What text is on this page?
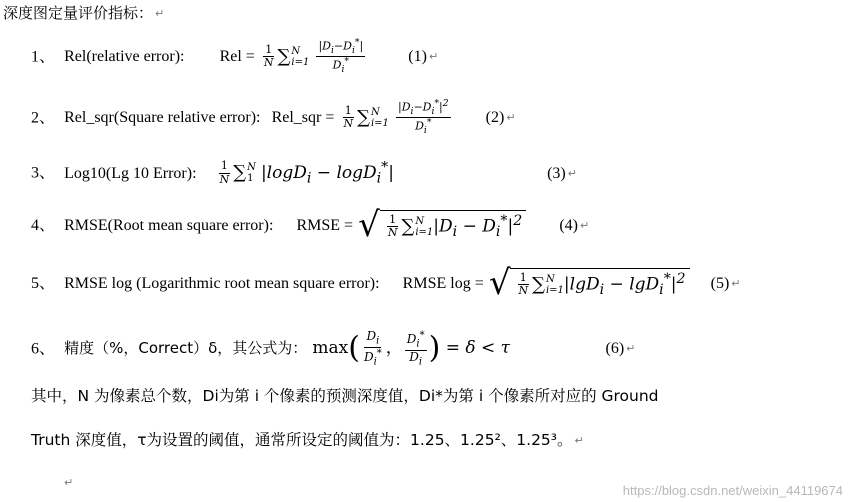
深度图定量评价指标： ↵
1、 Rel(relative error): Rel = $\frac{1}{N}$ ∑ N
i=1
$\frac{|D_i-D_i^*|}{D_i^*}$	(1) ↵
2、 Rel_sqr(Square relative error): Rel_sqr = $\frac{1}{N}$ ∑ N
i=1
$\frac{|D_i-D_i^*|^2}{D_i^*} (2)$ ↵
3、 Log10(Lg 10 Error): $\frac{1}{N}$ ∑ N
1 |logD$_i$ − logD$_i$*|	(3) ↵
4、 RMSE(Root mean square error): RMSE = √ $\frac{1}{N}$ ∑ N
i=1 $|D_i - D_i^*|^2$ (4) ↵
5、 RMSE log (Logarithmic root mean square error): RMSE log = √ $\frac{1}{N}$ ∑ N
i=1 $|\lg D_i - \lg D_i^*|^2$ (5) ↵
6、 精度（%，Correct）δ，其公式为： $\max( \frac{D_i}{D_i^*}$ ， $\frac{D_i^*}{D_i}$ ) = δ < τ	(6) ↵
其中，N 为像素总个数，Di为第 i 个像素的预测深度值，Di*为第 i 个像素所对应的 Ground
Truth 深度值，τ为设置的阈值，通常所设定的阈值为：1.25、1.25²、1.25³。 ↵
↵
https://blog.csdn.net/weixin_44119674
